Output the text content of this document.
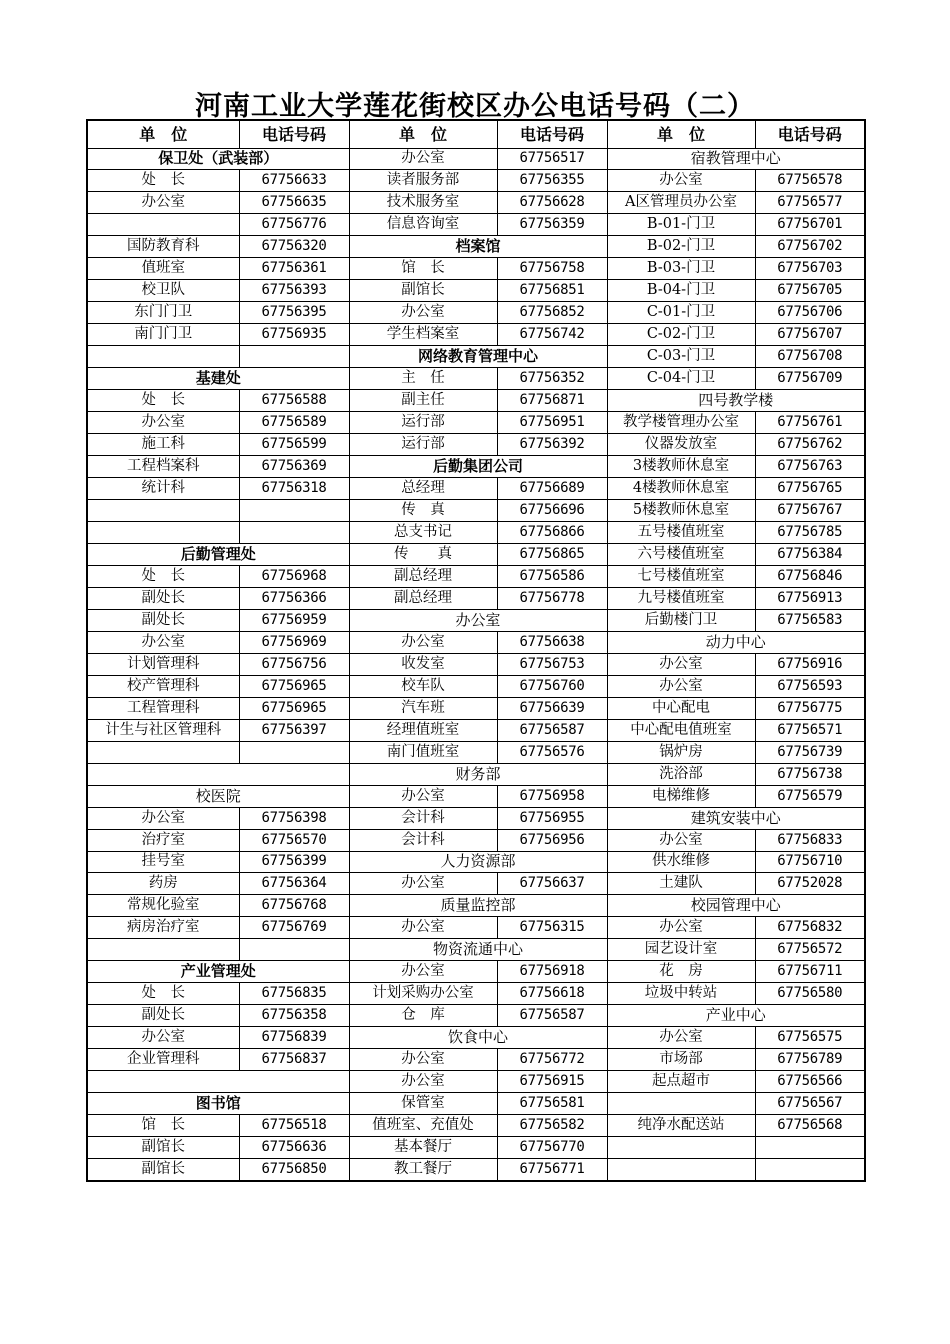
河南工业大学莲花街校区办公电话号码（二）
单　位	电话号码	单　位	电话号码	单　位	电话号码
保卫处（武装部）		办公室	67756517	宿教管理中心	
处　长	67756633	读者服务部	67756355	办公室	67756578
办公室	67756635	技术服务室	67756628	A区管理员办公室	67756577
	67756776	信息咨询室	67756359	B-01-门卫	67756701
国防教育科	67756320	档案馆		B-02-门卫	67756702
值班室	67756361	馆　长	67756758	B-03-门卫	67756703
校卫队	67756393	副馆长	67756851	B-04-门卫	67756705
东门门卫	67756395	办公室	67756852	C-01-门卫	67756706
南门门卫	67756935	学生档案室	67756742	C-02-门卫	67756707
		网络教育管理中心		C-03-门卫	67756708
基建处		主　任	67756352	C-04-门卫	67756709
处　长	67756588	副主任	67756871	四号教学楼	
办公室	67756589	运行部	67756951	教学楼管理办公室	67756761
施工科	67756599	运行部	67756392	仪器发放室	67756762
工程档案科	67756369	后勤集团公司		3楼教师休息室	67756763
统计科	67756318	总经理	67756689	4楼教师休息室	67756765
		传　真	67756696	5楼教师休息室	67756767
		总支书记	67756866	五号楼值班室	67756785
后勤管理处		传　　真	67756865	六号楼值班室	67756384
处　长	67756968	副总经理	67756586	七号楼值班室	67756846
副处长	67756366	副总经理	67756778	九号楼值班室	67756913
副处长	67756959	办公室		后勤楼门卫	67756583
办公室	67756969	办公室	67756638	动力中心	
计划管理科	67756756	收发室	67756753	办公室	67756916
校产管理科	67756965	校车队	67756760	办公室	67756593
工程管理科	67756965	汽车班	67756639	中心配电	67756775
计生与社区管理科	67756397	经理值班室	67756587	中心配电值班室	67756571
		南门值班室	67756576	锅炉房	67756739
		财务部		洗浴部	67756738
校医院		办公室	67756958	电梯维修	67756579
办公室	67756398	会计科	67756955	建筑安装中心	
治疗室	67756570	会计科	67756956	办公室	67756833
挂号室	67756399	人力资源部		供水维修	67756710
药房	67756364	办公室	67756637	土建队	67752028
常规化验室	67756768	质量监控部		校园管理中心	
病房治疗室	67756769	办公室	67756315	办公室	67756832
		物资流通中心		园艺设计室	67756572
产业管理处		办公室	67756918	花　房	67756711
处　长	67756835	计划采购办公室	67756618	垃圾中转站	67756580
副处长	67756358	仓　库	67756587	产业中心	
办公室	67756839	饮食中心		办公室	67756575
企业管理科	67756837	办公室	67756772	市场部	67756789
		办公室	67756915	起点超市	67756566
图书馆		保管室	67756581		67756567
馆　长	67756518	值班室、充值处	67756582	纯净水配送站	67756568
副馆长	67756636	基本餐厅	67756770		
副馆长	67756850	教工餐厅	67756771		
